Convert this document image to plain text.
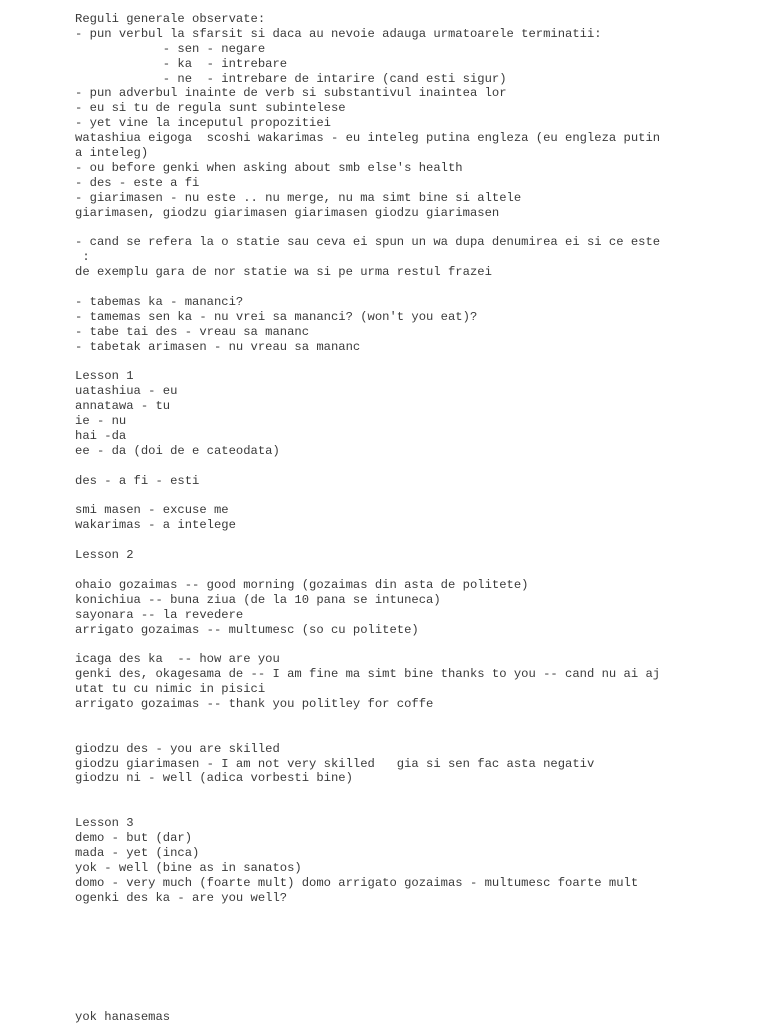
Reguli generale observate:
- pun verbul la sfarsit si daca au nevoie adauga urmatoarele terminatii:
- sen - negare
- ka  - intrebare
- ne  - intrebare de intarire (cand esti sigur)
- pun adverbul inainte de verb si substantivul inaintea lor
- eu si tu de regula sunt subintelese
- yet vine la inceputul propozitiei
watashiua eigoga  scoshi wakarimas - eu inteleg putina engleza (eu engleza putin
a inteleg)
- ou before genki when asking about smb else's health
- des - este a fi
- giarimasen - nu este .. nu merge, nu ma simt bine si altele
giarimasen, giodzu giarimasen giarimasen giodzu giarimasen
- cand se refera la o statie sau ceva ei spun un wa dupa denumirea ei si ce este
:
de exemplu gara de nor statie wa si pe urma restul frazei
- tabemas ka - mananci?
- tamemas sen ka - nu vrei sa mananci? (won't you eat)?
- tabe tai des - vreau sa mananc
- tabetak arimasen - nu vreau sa mananc
Lesson 1
uatashiua - eu
annatawa - tu
ie - nu
hai -da
ee - da (doi de e cateodata)
des - a fi - esti
smi masen - excuse me
wakarimas - a intelege
Lesson 2
ohaio gozaimas -- good morning (gozaimas din asta de politete)
konichiua -- buna ziua (de la 10 pana se intuneca)
sayonara -- la revedere
arrigato gozaimas -- multumesc (so cu politete)
icaga des ka  -- how are you
genki des, okagesama de -- I am fine ma simt bine thanks to you -- cand nu ai aj
utat tu cu nimic in pisici
arrigato gozaimas -- thank you politley for coffe
giodzu des - you are skilled
giodzu giarimasen - I am not very skilled   gia si sen fac asta negativ
giodzu ni - well (adica vorbesti bine)
Lesson 3
demo - but (dar)
mada - yet (inca)
yok - well (bine as in sanatos)
domo - very much (foarte mult) domo arrigato gozaimas - multumesc foarte mult
ogenki des ka - are you well?
yok hanasemas
